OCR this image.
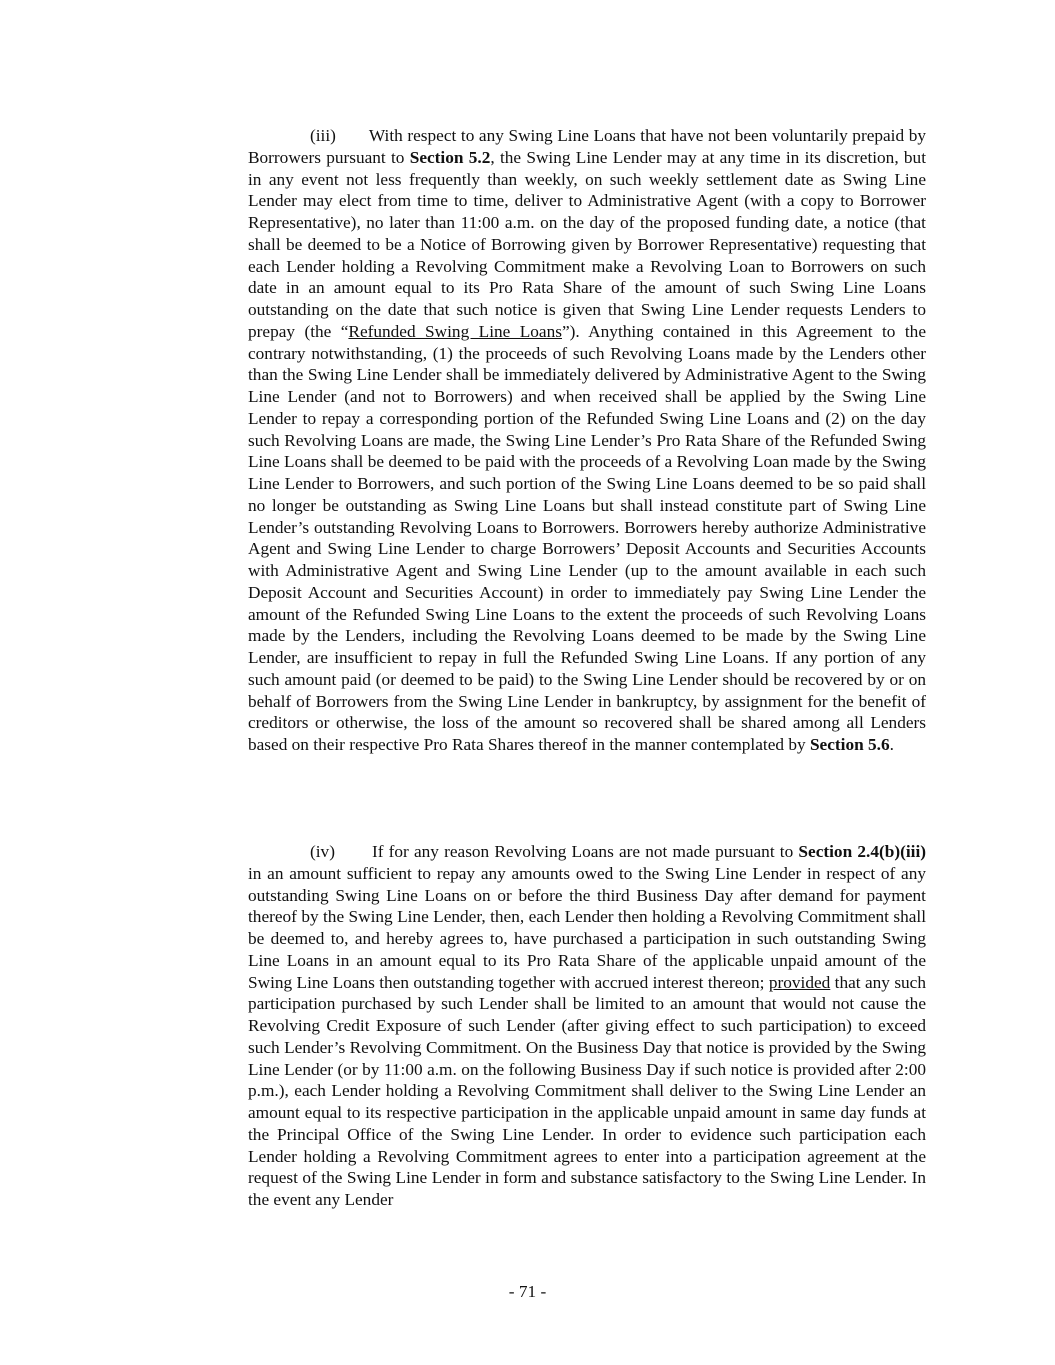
(iii) With respect to any Swing Line Loans that have not been voluntarily prepaid by Borrowers pursuant to Section 5.2, the Swing Line Lender may at any time in its discretion, but in any event not less frequently than weekly, on such weekly settlement date as Swing Line Lender may elect from time to time, deliver to Administrative Agent (with a copy to Borrower Representative), no later than 11:00 a.m. on the day of the proposed funding date, a notice (that shall be deemed to be a Notice of Borrowing given by Borrower Representative) requesting that each Lender holding a Revolving Commitment make a Revolving Loan to Borrowers on such date in an amount equal to its Pro Rata Share of the amount of such Swing Line Loans outstanding on the date that such notice is given that Swing Line Lender requests Lenders to prepay (the “Refunded Swing Line Loans”). Anything contained in this Agreement to the contrary notwithstanding, (1) the proceeds of such Revolving Loans made by the Lenders other than the Swing Line Lender shall be immediately delivered by Administrative Agent to the Swing Line Lender (and not to Borrowers) and when received shall be applied by the Swing Line Lender to repay a corresponding portion of the Refunded Swing Line Loans and (2) on the day such Revolving Loans are made, the Swing Line Lender’s Pro Rata Share of the Refunded Swing Line Loans shall be deemed to be paid with the proceeds of a Revolving Loan made by the Swing Line Lender to Borrowers, and such portion of the Swing Line Loans deemed to be so paid shall no longer be outstanding as Swing Line Loans but shall instead constitute part of Swing Line Lender’s outstanding Revolving Loans to Borrowers. Borrowers hereby authorize Administrative Agent and Swing Line Lender to charge Borrowers’ Deposit Accounts and Securities Accounts with Administrative Agent and Swing Line Lender (up to the amount available in each such Deposit Account and Securities Account) in order to immediately pay Swing Line Lender the amount of the Refunded Swing Line Loans to the extent the proceeds of such Revolving Loans made by the Lenders, including the Revolving Loans deemed to be made by the Swing Line Lender, are insufficient to repay in full the Refunded Swing Line Loans. If any portion of any such amount paid (or deemed to be paid) to the Swing Line Lender should be recovered by or on behalf of Borrowers from the Swing Line Lender in bankruptcy, by assignment for the benefit of creditors or otherwise, the loss of the amount so recovered shall be shared among all Lenders based on their respective Pro Rata Shares thereof in the manner contemplated by Section 5.6.

(iv) If for any reason Revolving Loans are not made pursuant to Section 2.4(b)(iii) in an amount sufficient to repay any amounts owed to the Swing Line Lender in respect of any outstanding Swing Line Loans on or before the third Business Day after demand for payment thereof by the Swing Line Lender, then, each Lender then holding a Revolving Commitment shall be deemed to, and hereby agrees to, have purchased a participation in such outstanding Swing Line Loans in an amount equal to its Pro Rata Share of the applicable unpaid amount of the Swing Line Loans then outstanding together with accrued interest thereon; provided that any such participation purchased by such Lender shall be limited to an amount that would not cause the Revolving Credit Exposure of such Lender (after giving effect to such participation) to exceed such Lender’s Revolving Commitment. On the Business Day that notice is provided by the Swing Line Lender (or by 11:00 a.m. on the following Business Day if such notice is provided after 2:00 p.m.), each Lender holding a Revolving Commitment shall deliver to the Swing Line Lender an amount equal to its respective participation in the applicable unpaid amount in same day funds at the Principal Office of the Swing Line Lender. In order to evidence such participation each Lender holding a Revolving Commitment agrees to enter into a participation agreement at the request of the Swing Line Lender in form and substance satisfactory to the Swing Line Lender. In the event any Lender

- 71 -
